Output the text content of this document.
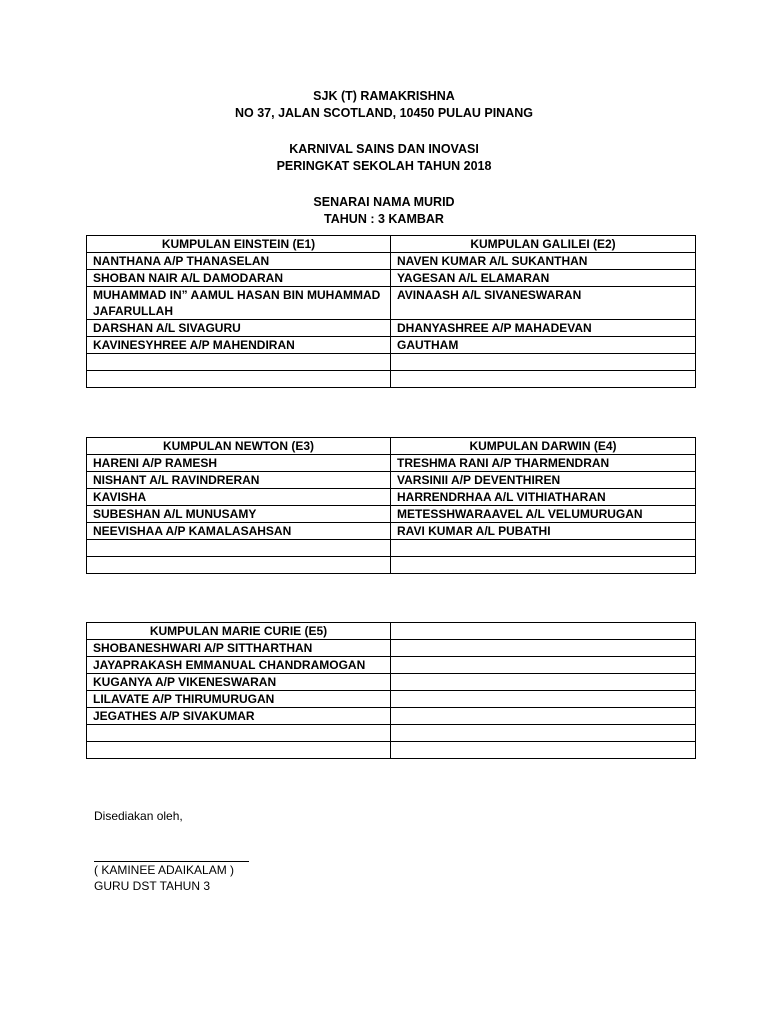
SJK (T) RAMAKRISHNA
NO 37, JALAN SCOTLAND, 10450 PULAU PINANG
KARNIVAL SAINS DAN INOVASI
PERINGKAT SEKOLAH TAHUN 2018
SENARAI NAMA MURID
TAHUN : 3 KAMBAR
KUMPULAN EINSTEIN (E1)	KUMPULAN GALILEI (E2)
NANTHANA A/P THANASELAN	NAVEN KUMAR A/L SUKANTHAN
SHOBAN NAIR A/L DAMODARAN	YAGESAN A/L ELAMARAN
MUHAMMAD IN” AAMUL HASAN BIN MUHAMMAD JAFARULLAH	AVINAASH A/L SIVANESWARAN
DARSHAN A/L SIVAGURU	DHANYASHREE A/P MAHADEVAN
KAVINESYHREE A/P MAHENDIRAN	GAUTHAM

KUMPULAN NEWTON (E3)	KUMPULAN DARWIN (E4)
HARENI A/P RAMESH	TRESHMA RANI A/P THARMENDRAN
NISHANT A/L RAVINDRERAN	VARSINII A/P DEVENTHIREN
KAVISHA	HARRENDRHAA A/L VITHIATHARAN
SUBESHAN A/L MUNUSAMY	METESSHWARAAVEL A/L VELUMURUGAN
NEEVISHAA A/P KAMALASAHSAN	RAVI KUMAR A/L PUBATHI

KUMPULAN MARIE CURIE (E5)	
SHOBANESHWARI A/P SITTHARTHAN	
JAYAPRAKASH EMMANUAL CHANDRAMOGAN	
KUGANYA A/P VIKENESWARAN	
LILAVATE A/P THIRUMURUGAN	
JEGATHES A/P SIVAKUMAR	

Disediakan oleh,
( KAMINEE ADAIKALAM )
GURU DST TAHUN 3
